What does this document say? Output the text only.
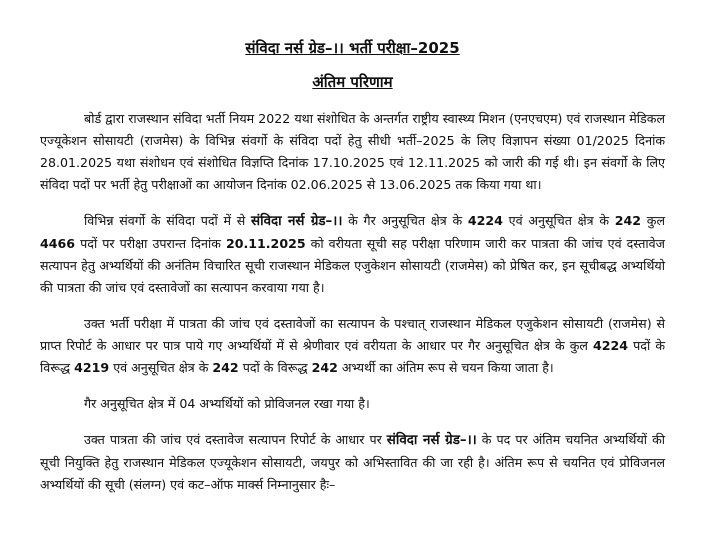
संविदा नर्स ग्रेड–।। भर्ती परीक्षा–2025
अंतिम परिणाम

बोर्ड द्वारा राजस्थान संविदा भर्ती नियम 2022 यथा संशोधित के अन्तर्गत राष्ट्रीय स्वास्थ्य मिशन (एनएचएम) एवं राजस्थान मेडिकल एज्यूकेशन सोसायटी (राजमेस) के विभिन्न संवर्गो के संविदा पदों हेतु सीधी भर्ती–2025 के लिए विज्ञापन संख्या 01/2025 दिनांक 28.01.2025 यथा संशोधन एवं संशोधित विज्ञप्ति दिनांक 17.10.2025 एवं 12.11.2025 को जारी की गई थी। इन संवर्गो के लिए संविदा पदों पर भर्ती हेतु परीक्षाओं का आयोजन दिनांक 02.06.2025 से 13.06.2025 तक किया गया था।

विभिन्न संवर्गो के संविदा पदों में से संविदा नर्स ग्रेड–।। के गैर अनुसूचित क्षेत्र के 4224 एवं अनुसूचित क्षेत्र के 242 कुल 4466 पदों पर परीक्षा उपरान्त दिनांक 20.11.2025 को वरीयता सूची सह परीक्षा परिणाम जारी कर पात्रता की जांच एवं दस्तावेज सत्यापन हेतु अभ्यर्थियों की अनंतिम विचारित सूची राजस्थान मेडिकल एजुकेशन सोसायटी (राजमेस) को प्रेषित कर, इन सूचीबद्ध अभ्यर्थियो की पात्रता की जांच एवं दस्तावेजों का सत्यापन करवाया गया है।

उक्त भर्ती परीक्षा में पात्रता की जांच एवं दस्तावेजों का सत्यापन के पश्चात् राजस्थान मेडिकल एजुकेशन सोसायटी (राजमेस) से प्राप्त रिपोर्ट के आधार पर पात्र पाये गए अभ्यर्थियों में से श्रेणीवार एवं वरीयता के आधार पर गैर अनुसूचित क्षेत्र के कुल 4224 पदों के विरूद्ध 4219 एवं अनुसूचित क्षेत्र के 242 पदों के विरूद्ध 242 अभ्यर्थी का अंतिम रूप से चयन किया जाता है।

गैर अनुसूचित क्षेत्र में 04 अभ्यर्थियों को प्रोविजनल रखा गया है।

उक्त पात्रता की जांच एवं दस्तावेज सत्यापन रिपोर्ट के आधार पर संविदा नर्स ग्रेड–।। के पद पर अंतिम चयनित अभ्यर्थियों की सूची नियुक्ति हेतु राजस्थान मेडिकल एज्यूकेशन सोसायटी, जयपुर को अभिस्तावित की जा रही है। अंतिम रूप से चयनित एवं प्रोविजनल अभ्यर्थियों की सूची (संलग्न) एवं कट–ऑफ मार्क्स निम्नानुसार हैः–
